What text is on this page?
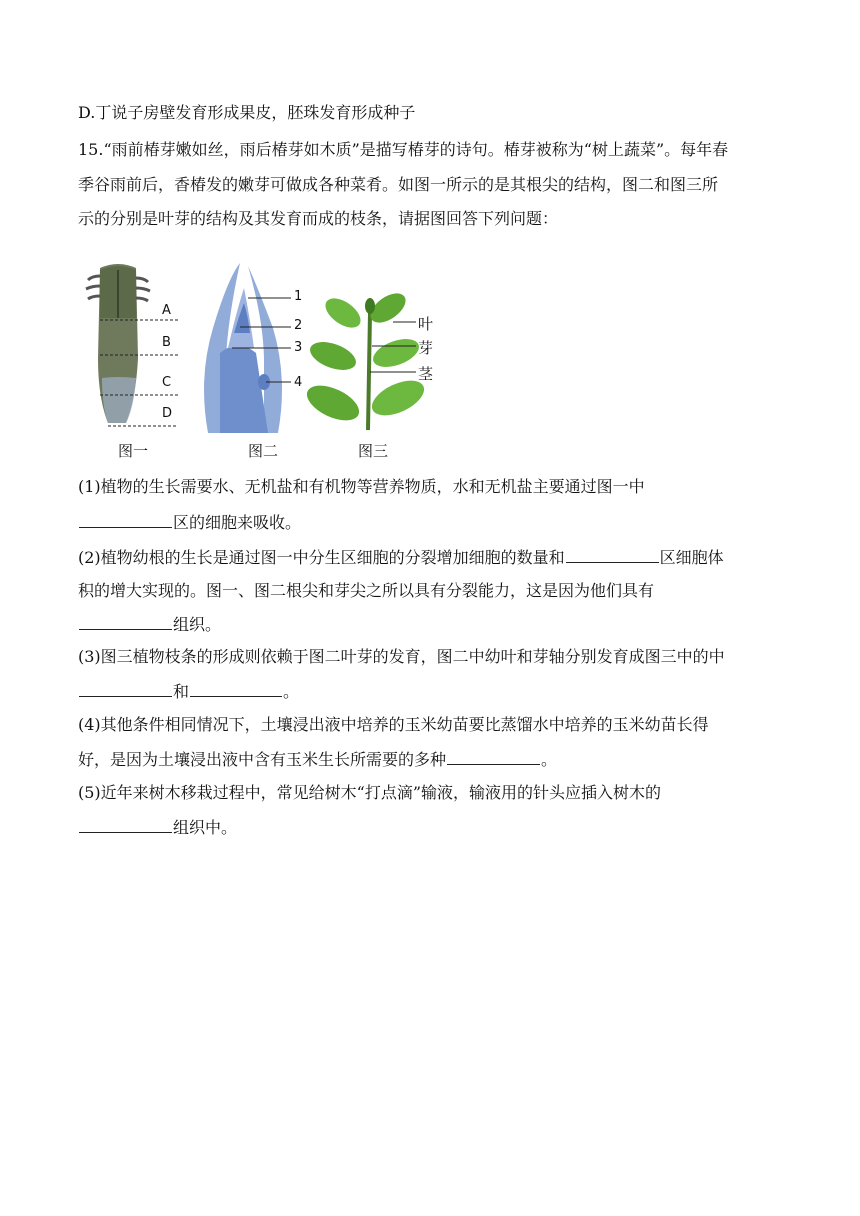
D.丁说子房壁发育形成果皮，胚珠发育形成种子
15.“雨前椿芽嫩如丝，雨后椿芽如木质”是描写椿芽的诗句。椿芽被称为“树上蔬菜”。每年春
季谷雨前后，香椿发的嫩芽可做成各种菜肴。如图一所示的是其根尖的结构，图二和图三所
示的分别是叶芽的结构及其发育而成的枝条，请据图回答下列问题：
A
B
C
D
1
2
3
4
叶
芽
茎
图一	图二	图三
(1)植物的生长需要水、无机盐和有机物等营养物质，水和无机盐主要通过图一中
区的细胞来吸收。
(2)植物幼根的生长是通过图一中分生区细胞的分裂增加细胞的数量和	区细胞体
积的增大实现的。图一、图二根尖和芽尖之所以具有分裂能力，这是因为他们具有
组织。
(3)图三植物枝条的形成则依赖于图二叶芽的发育，图二中幼叶和芽轴分别发育成图三中的中
和	。
(4)其他条件相同情况下，土壤浸出液中培养的玉米幼苗要比蒸馏水中培养的玉米幼苗长得
好，是因为土壤浸出液中含有玉米生长所需要的多种	。
(5)近年来树木移栽过程中，常见给树木“打点滴”输液，输液用的针头应插入树木的
组织中。
